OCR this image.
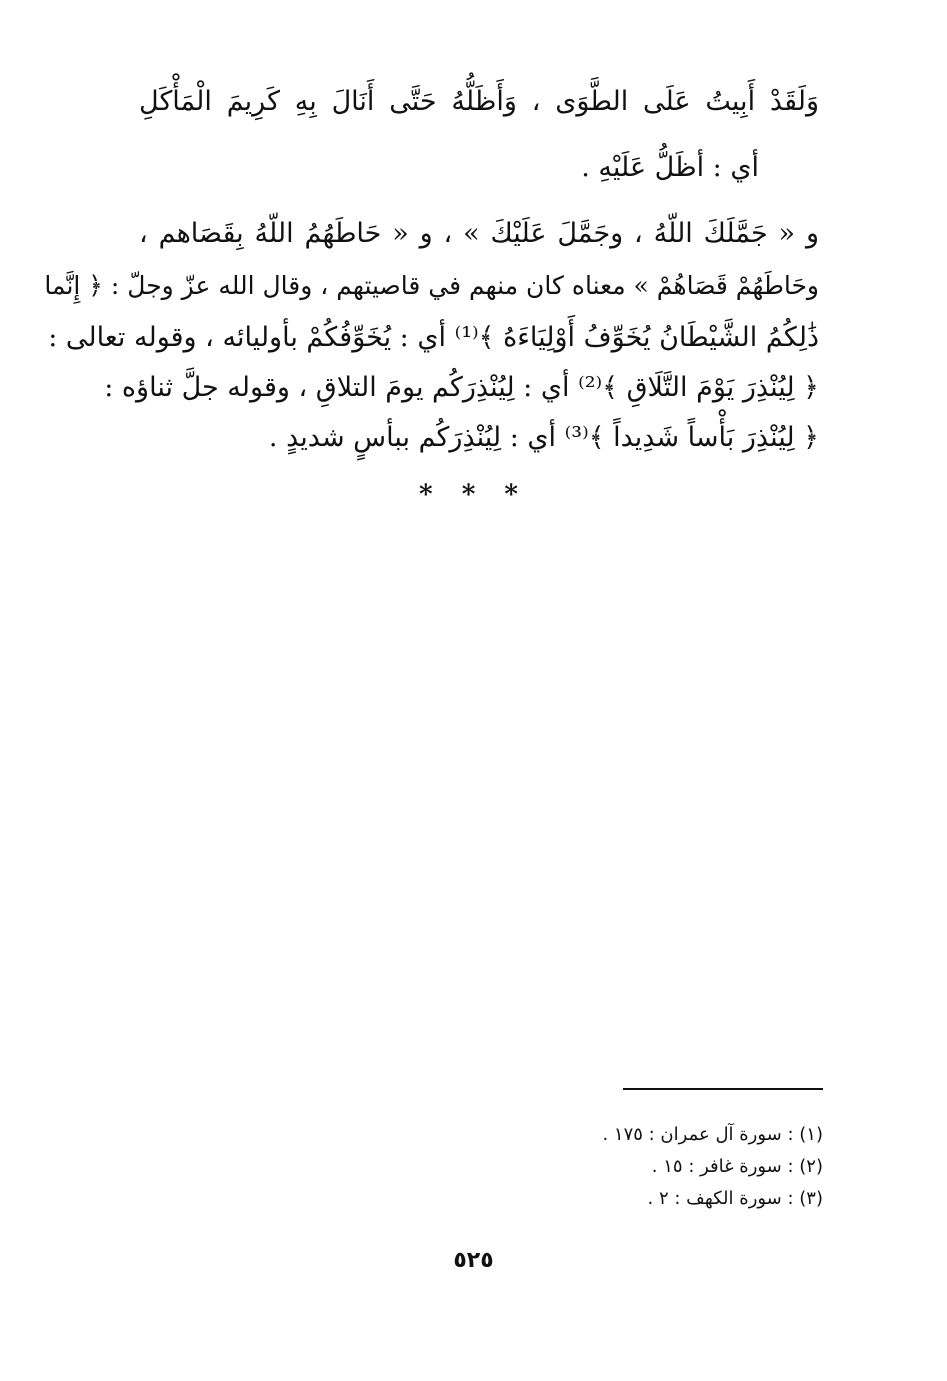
وَلَقَدْ أَبِيتُ عَلَى الطَّوَى ، وَأَظَلُّهُ حَتَّى أَنَالَ بِهِ كَرِيمَ الْمَأْكَلِ
أي : أظَلُّ عَلَيْهِ .
و « جَمَّلَكَ اللّهُ ، وجَمَّلَ عَلَيْكَ » ، و « حَاطَهُمُ اللّهُ بِقَصَاهم ،
وحَاطَهُمْ قَصَاهُمْ » معناه كان منهم في قاصيتهم ، وقال الله عزّ وجلّ : ﴿ إِنَّما
ذَٰلِكُمُ الشَّيْطَانُ يُخَوِّفُ أَوْلِيَاءَهُ ﴾⁽¹⁾ أي : يُخَوِّفُكُمْ بأوليائه ، وقوله تعالى :
﴿ لِيُنْذِرَ يَوْمَ التَّلَاقِ ﴾⁽²⁾ أي : لِيُنْذِرَكُم يومَ التلاقِ ، وقوله جلَّ ثناؤه :
﴿ لِيُنْذِرَ بَأْساً شَدِيداً ﴾⁽³⁾ أي : لِيُنْذِرَكُم ببأسٍ شديدٍ .
* * *
(١) : سورة آل عمران : ١٧٥ .
(٢) : سورة غافر : ١٥ .
(٣) : سورة الكهف : ٢ .
٥٢٥
